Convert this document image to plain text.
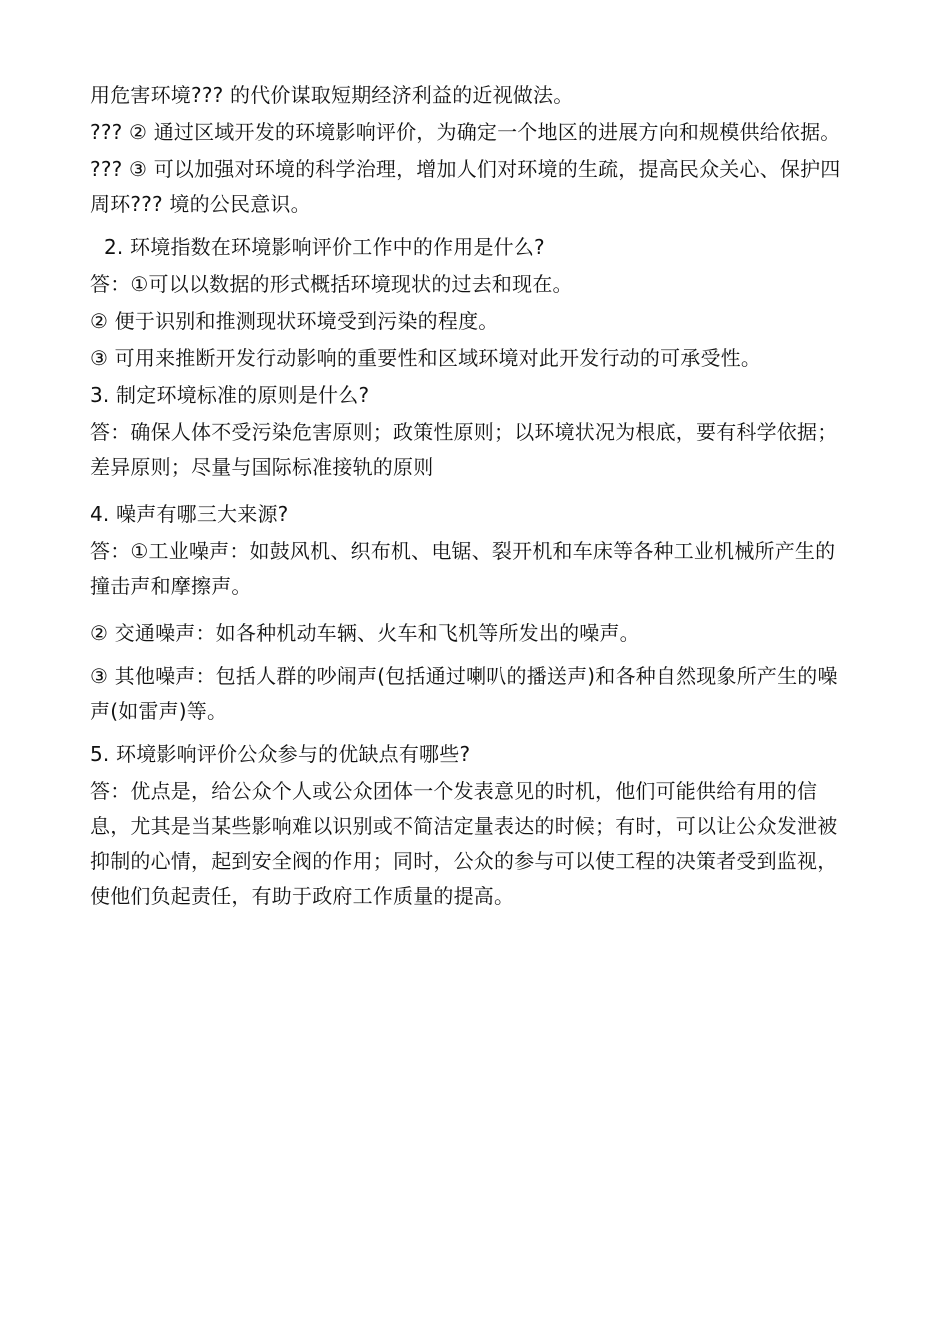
用危害环境??? 的代价谋取短期经济利益的近视做法。

??? ② 通过区域开发的环境影响评价，为确定一个地区的进展方向和规模供给依据。

??? ③ 可以加强对环境的科学治理，增加人们对环境的生疏，提高民众关心、保护四周环??? 境的公民意识。

2. 环境指数在环境影响评价工作中的作用是什么?

答：①可以以数据的形式概括环境现状的过去和现在。

② 便于识别和推测现状环境受到污染的程度。

③ 可用来推断开发行动影响的重要性和区域环境对此开发行动的可承受性。

3. 制定环境标准的原则是什么?

答：确保人体不受污染危害原则；政策性原则；以环境状况为根底，要有科学依据；差异原则；尽量与国际标准接轨的原则

4. 噪声有哪三大来源?

答：①工业噪声：如鼓风机、织布机、电锯、裂开机和车床等各种工业机械所产生的撞击声和摩擦声。

② 交通噪声：如各种机动车辆、火车和飞机等所发出的噪声。

③ 其他噪声：包括人群的吵闹声(包括通过喇叭的播送声)和各种自然现象所产生的噪声(如雷声)等。

5. 环境影响评价公众参与的优缺点有哪些?

答：优点是，给公众个人或公众团体一个发表意见的时机，他们可能供给有用的信息，尤其是当某些影响难以识别或不简洁定量表达的时候；有时，可以让公众发泄被抑制的心情，起到安全阀的作用；同时，公众的参与可以使工程的决策者受到监视，使他们负起责任，有助于政府工作质量的提高。
